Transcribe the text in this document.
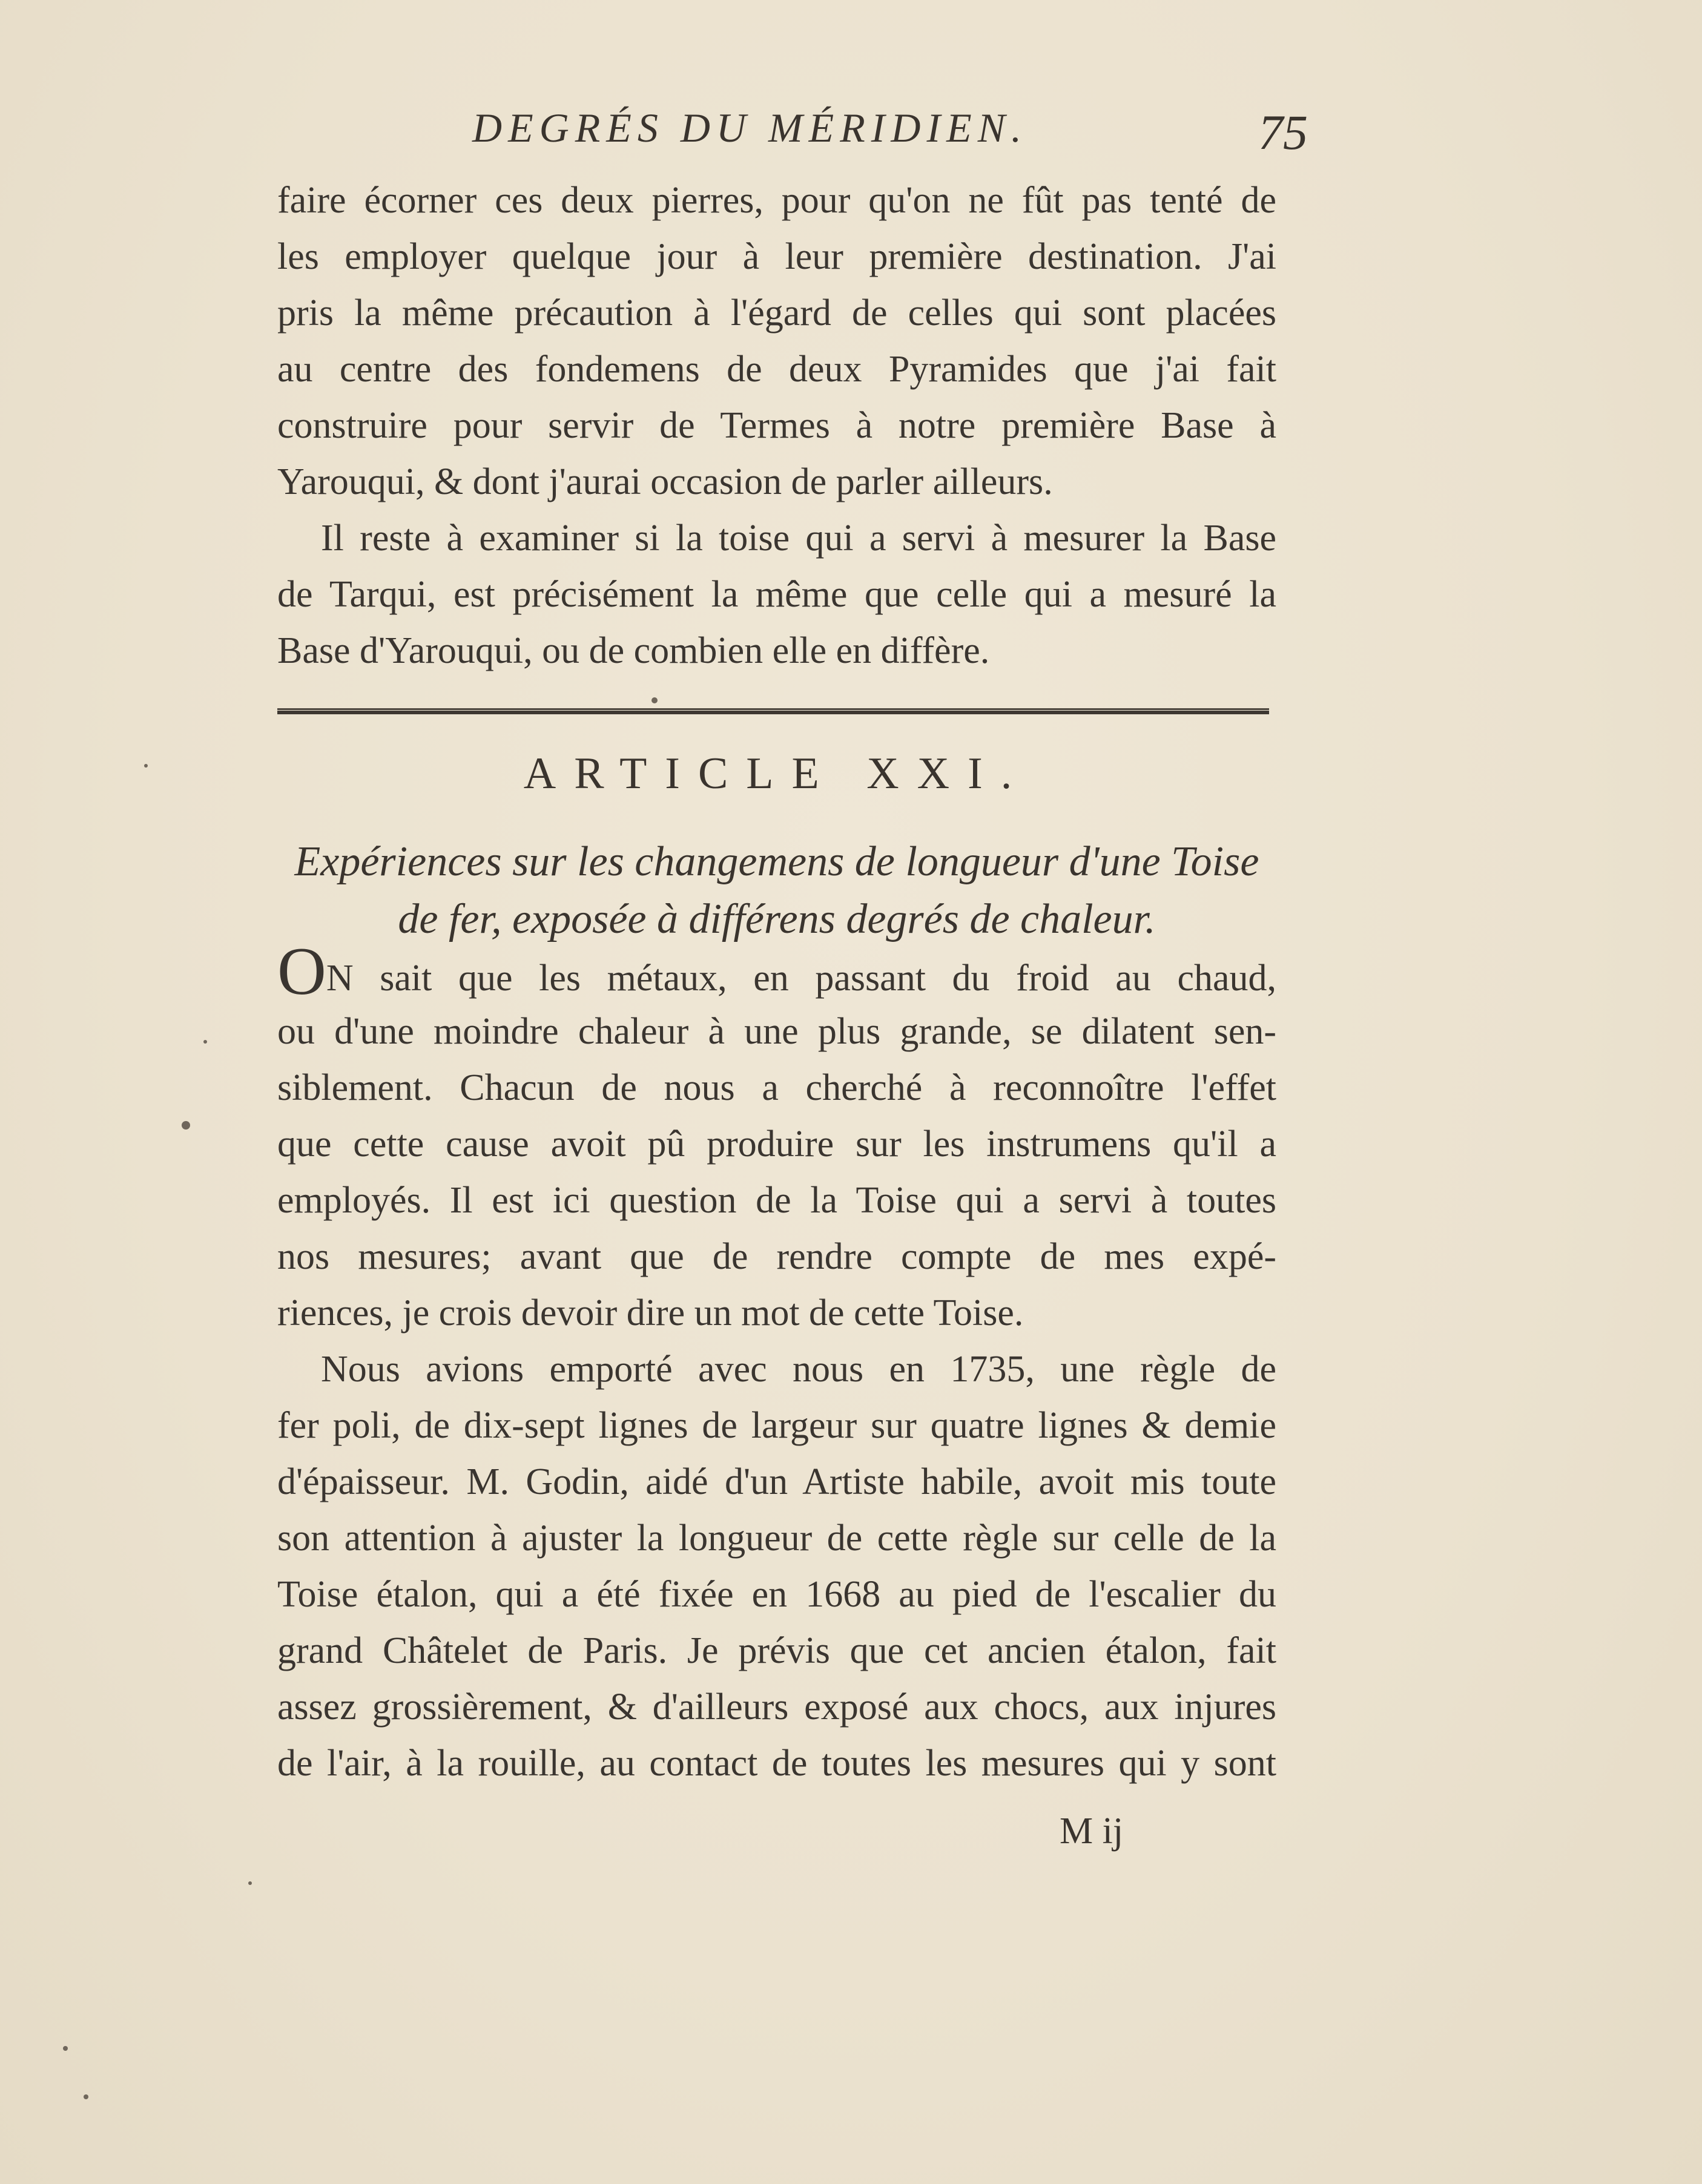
DEGRÉS DU MÉRIDIEN.	75
faire écorner ces deux pierres, pour qu'on ne fût pas tenté de
les employer quelque jour à leur première destination. J'ai
pris la même précaution à l'égard de celles qui sont placées
au centre des fondemens de deux Pyramides que j'ai fait
construire pour servir de Termes à notre première Base à
Yarouqui, & dont j'aurai occasion de parler ailleurs.
Il reste à examiner si la toise qui a servi à mesurer la Base
de Tarqui, est précisément la même que celle qui a mesuré la
Base d'Yarouqui, ou de combien elle en diffère.
ARTICLE XXI.
Expériences sur les changemens de longueur d'une Toise
de fer, exposée à différens degrés de chaleur.
ON sait que les métaux, en passant du froid au chaud,
ou d'une moindre chaleur à une plus grande, se dilatent sen-
siblement. Chacun de nous a cherché à reconnoître l'effet
que cette cause avoit pû produire sur les instrumens qu'il a
employés. Il est ici question de la Toise qui a servi à toutes
nos mesures; avant que de rendre compte de mes expé-
riences, je crois devoir dire un mot de cette Toise.
Nous avions emporté avec nous en 1735, une règle de
fer poli, de dix-sept lignes de largeur sur quatre lignes & demie
d'épaisseur. M. Godin, aidé d'un Artiste habile, avoit mis toute
son attention à ajuster la longueur de cette règle sur celle de la
Toise étalon, qui a été fixée en 1668 au pied de l'escalier du
grand Châtelet de Paris. Je prévis que cet ancien étalon, fait
assez grossièrement, & d'ailleurs exposé aux chocs, aux injures
de l'air, à la rouille, au contact de toutes les mesures qui y sont
M ij
